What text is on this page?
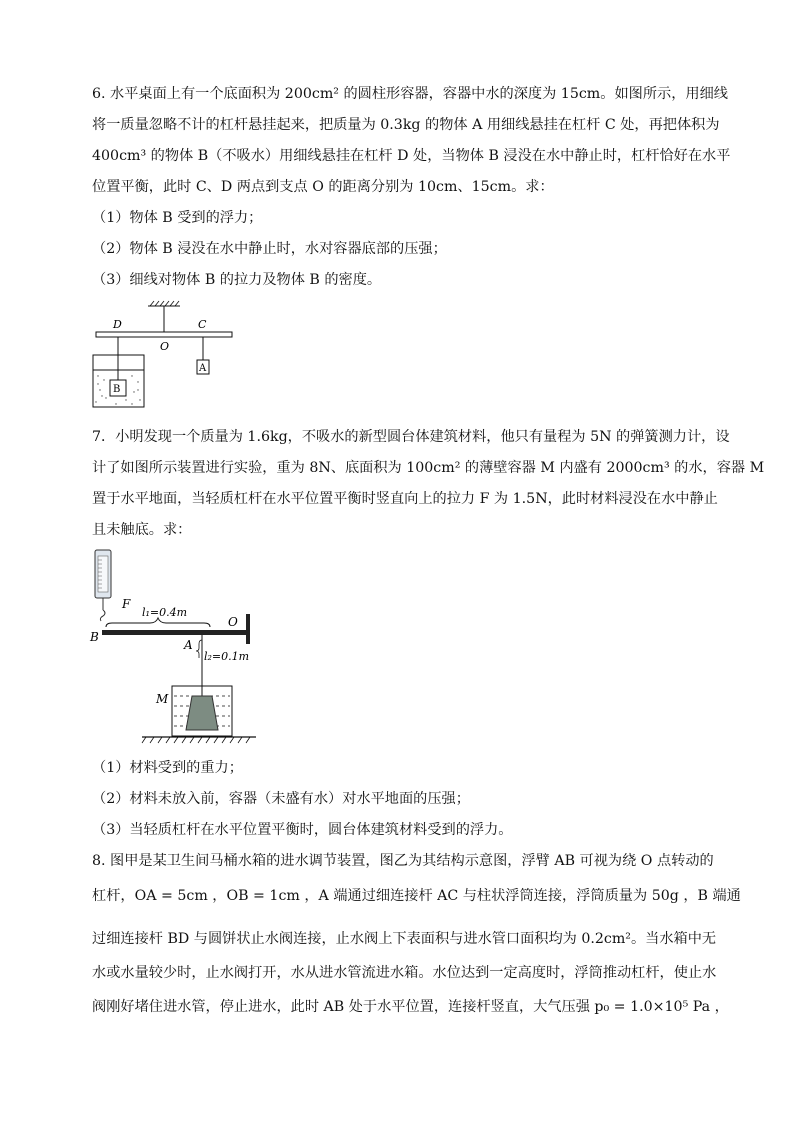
6. 水平桌面上有一个底面积为 200cm² 的圆柱形容器，容器中水的深度为 15cm。如图所示，用细线
将一质量忽略不计的杠杆悬挂起来，把质量为 0.3kg 的物体 A 用细线悬挂在杠杆 C 处，再把体积为
400cm³ 的物体 B（不吸水）用细线悬挂在杠杆 D 处，当物体 B 浸没在水中静止时，杠杆恰好在水平
位置平衡，此时 C、D 两点到支点 O 的距离分别为 10cm、15cm。求：
（1）物体 B 受到的浮力；
（2）物体 B 浸没在水中静止时，水对容器底部的压强；
（3）细线对物体 B 的拉力及物体 B 的密度。
D	C
O
A
B
7．小明发现一个质量为 1.6kg，不吸水的新型圆台体建筑材料，他只有量程为 5N 的弹簧测力计，设
计了如图所示装置进行实验，重为 8N、底面积为 100cm² 的薄壁容器 M 内盛有 2000cm³ 的水，容器 M
置于水平地面，当轻质杠杆在水平位置平衡时竖直向上的拉力 F 为 1.5N，此时材料浸没在水中静止
且未触底。求：
F
l₁=0.4m
O
B
A
l₂=0.1m
M
（1）材料受到的重力；
（2）材料未放入前，容器（未盛有水）对水平地面的压强；
（3）当轻质杠杆在水平位置平衡时，圆台体建筑材料受到的浮力。
8. 图甲是某卫生间马桶水箱的进水调节装置，图乙为其结构示意图，浮臂 AB 可视为绕 O 点转动的
杠杆，OA = 5cm ，OB = 1cm ，A 端通过细连接杆 AC 与柱状浮筒连接，浮筒质量为 50g ，B 端通
过细连接杆 BD 与圆饼状止水阀连接，止水阀上下表面积与进水管口面积均为 0.2cm²。当水箱中无
水或水量较少时，止水阀打开，水从进水管流进水箱。水位达到一定高度时，浮筒推动杠杆，使止水
阀刚好堵住进水管，停止进水，此时 AB 处于水平位置，连接杆竖直，大气压强 p₀ = 1.0×10⁵ Pa ，
